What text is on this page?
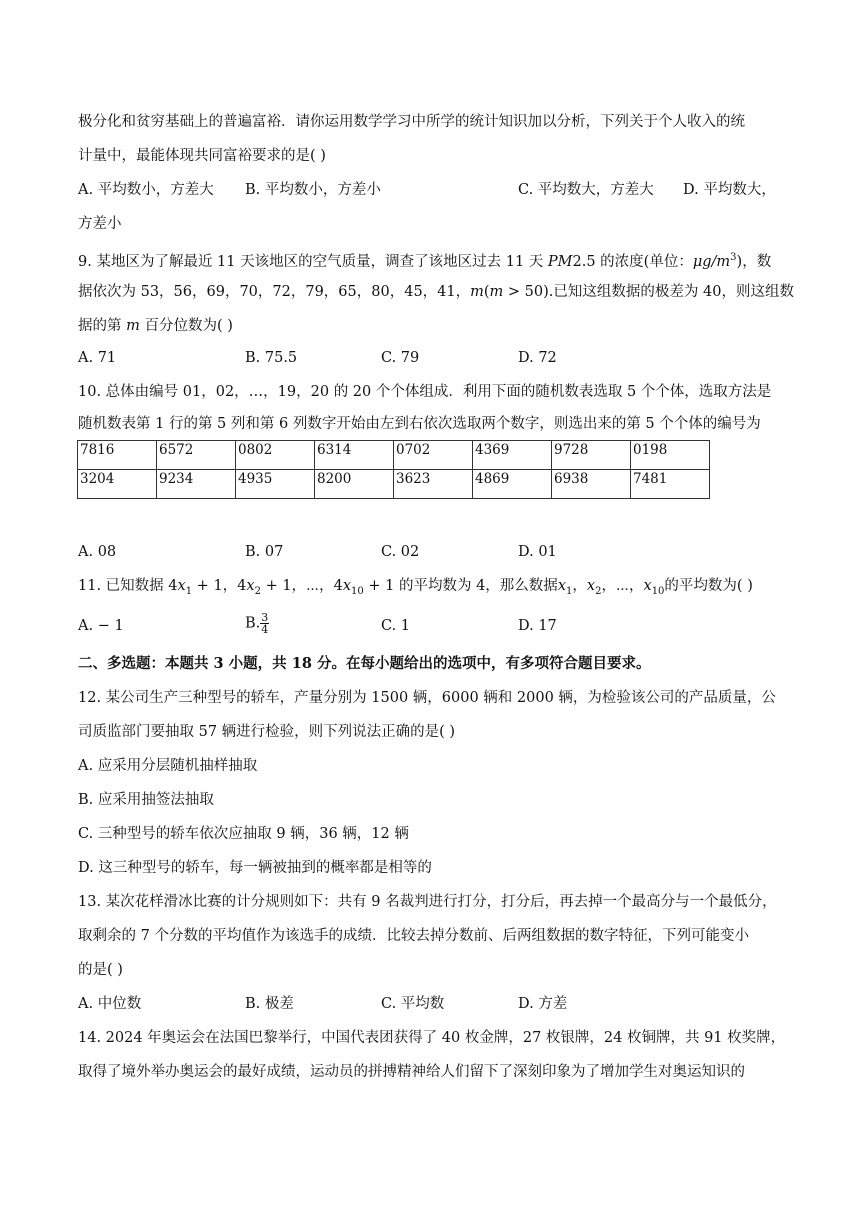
极分化和贫穷基础上的普遍富裕．请你运用数学学习中所学的统计知识加以分析，下列关于个人收入的统
计量中，最能体现共同富裕要求的是( )
A. 平均数小，方差大 B. 平均数小，方差小	C. 平均数大，方差大 D. 平均数大，
方差小
9. 某地区为了解最近 11 天该地区的空气质量，调查了该地区过去 11 天 PM2.5 的浓度(单位：$\mu g/m^3$)，数
据依次为 53，56，69，70，72，79，65，80，45，41，m(m > 50).已知这组数据的极差为 40，则这组数
据的第 m 百分位数为( )
A. 71	B. 75.5	C. 79	D. 72
10. 总体由编号 01，02，…，19，20 的 20 个个体组成．利用下面的随机数表选取 5 个个体，选取方法是
随机数表第 1 行的第 5 列和第 6 列数字开始由左到右依次选取两个数字，则选出来的第 5 个个体的编号为
7816	6572	0802	6314	0702	4369	9728	0198
3204	9234	4935	8200	3623	4869	6938	7481
A. 08	B. 07	C. 02	D. 01
11. 已知数据 $4x_1 + 1$，$4x_2 + 1$，⋯，$4x_{10} + 1$ 的平均数为 4，那么数据$x_1$，$x_2$，⋯，$x_{10}$的平均数为( )
A. − 1	B. $\frac{3}{4}$	C. 1	D. 17
二、多选题：本题共 3 小题，共 18 分。在每小题给出的选项中，有多项符合题目要求。
12. 某公司生产三种型号的轿车，产量分别为 1500 辆，6000 辆和 2000 辆，为检验该公司的产品质量，公
司质监部门要抽取 57 辆进行检验，则下列说法正确的是( )
A. 应采用分层随机抽样抽取
B. 应采用抽签法抽取
C. 三种型号的轿车依次应抽取 9 辆，36 辆，12 辆
D. 这三种型号的轿车，每一辆被抽到的概率都是相等的
13. 某次花样滑冰比赛的计分规则如下：共有 9 名裁判进行打分，打分后，再去掉一个最高分与一个最低分，
取剩余的 7 个分数的平均值作为该选手的成绩．比较去掉分数前、后两组数据的数字特征，下列可能变小
的是( )
A. 中位数	B. 极差	C. 平均数	D. 方差
14. 2024 年奥运会在法国巴黎举行，中国代表团获得了 40 枚金牌，27 枚银牌，24 枚铜牌，共 91 枚奖牌，
取得了境外举办奥运会的最好成绩，运动员的拼搏精神给人们留下了深刻印象为了增加学生对奥运知识的
